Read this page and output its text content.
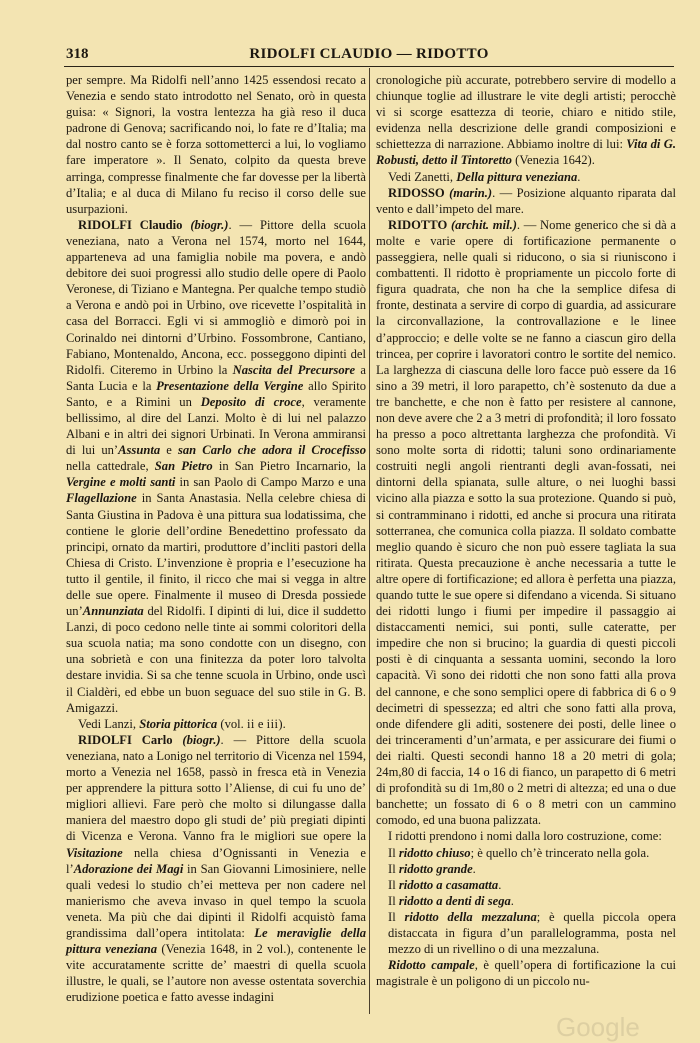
318	RIDOLFI CLAUDIO — RIDOTTO

per sempre. Ma Ridolfi nell’anno 1425 essendosi recato a Venezia e sendo stato introdotto nel Senato, orò in questa guisa: « Signori, la vostra lentezza ha già reso il duca padrone di Genova; sacrificando noi, lo fate re d’Italia; ma dal nostro canto se è forza sottometterci a lui, lo vogliamo fare imperatore ». Il Senato, colpito da questa breve arringa, compresse finalmente che far dovesse per la libertà d’Italia; e al duca di Milano fu reciso il corso delle sue usurpazioni.

RIDOLFI Claudio (biogr.). — Pittore della scuola veneziana, nato a Verona nel 1574, morto nel 1644, apparteneva ad una famiglia nobile ma povera, e andò debitore dei suoi progressi allo studio delle opere di Paolo Veronese, di Tiziano e Mantegna. Per qualche tempo studiò a Verona e andò poi in Urbino, ove ricevette l’ospitalità in casa del Borracci. Egli vi si ammogliò e dimorò poi in Corinaldo nei dintorni d’Urbino. Fossombrone, Cantiano, Fabiano, Montenaldo, Ancona, ecc. posseggono dipinti del Ridolfi. Citeremo in Urbino la Nascita del Precursore a Santa Lucia e la Presentazione della Vergine allo Spirito Santo, e a Rimini un Deposito di croce, veramente bellissimo, al dire del Lanzi. Molto è di lui nel palazzo Albani e in altri dei signori Urbinati. In Verona ammiransi di lui un’Assunta e san Carlo che adora il Crocefisso nella cattedrale, San Pietro in San Pietro Incarnario, la Vergine e molti santi in san Paolo di Campo Marzo e una Flagellazione in Santa Anastasia. Nella celebre chiesa di Santa Giustina in Padova è una pittura sua lodatissima, che contiene le glorie dell’ordine Benedettino professato da principi, ornato da martiri, produttore d’incliti pastori della Chiesa di Cristo. L’invenzione è propria e l’esecuzione ha tutto il gentile, il finito, il ricco che mai si vegga in altre delle sue opere. Finalmente il museo di Dresda possiede un’Annunziata del Ridolfi. I dipinti di lui, dice il suddetto Lanzi, di poco cedono nelle tinte ai sommi coloritori della sua scuola natia; ma sono condotte con un disegno, con una sobrietà e con una finitezza da poter loro talvolta destare invidia. Si sa che tenne scuola in Urbino, onde uscì il Cialdèri, ed ebbe un buon seguace del suo stile in G. B. Amigazzi.

Vedi Lanzi, Storia pittorica (vol. ii e iii).

RIDOLFI Carlo (biogr.). — Pittore della scuola veneziana, nato a Lonigo nel territorio di Vicenza nel 1594, morto a Venezia nel 1658, passò in fresca età in Venezia per apprendere la pittura sotto l’Aliense, di cui fu uno de’ migliori allievi. Fare però che molto si dilungasse dalla maniera del maestro dopo gli studi de’ più pregiati dipinti di Vicenza e Verona. Vanno fra le migliori sue opere la Visitazione nella chiesa d’Ognissanti in Venezia e l’Adorazione dei Magi in San Giovanni Limosiniere, nelle quali vedesi lo studio ch’ei metteva per non cadere nel manierismo che aveva invaso in quel tempo la scuola veneta. Ma più che dai dipinti il Ridolfi acquistò fama grandissima dall’opera intitolata: Le meraviglie della pittura veneziana (Venezia 1648, in 2 vol.), contenente le vite accuratamente scritte de’ maestri di quella scuola illustre, le quali, se l’autore non avesse ostentata soverchia erudizione poetica e fatto avesse indagini

cronologiche più accurate, potrebbero servire di modello a chiunque toglie ad illustrare le vite degli artisti; perocchè vi si scorge esattezza di teorie, chiaro e nitido stile, evidenza nella descrizione delle grandi composizioni e schiettezza di narrazione. Abbiamo inoltre di lui: Vita di G. Robusti, detto il Tintoretto (Venezia 1642).

Vedi Zanetti, Della pittura veneziana.

RIDOSSO (marin.). — Posizione alquanto riparata dal vento e dall’impeto del mare.

RIDOTTO (archit. mil.). — Nome generico che si dà a molte e varie opere di fortificazione permanente o passeggiera, nelle quali si riducono, o sia si riuniscono i combattenti. Il ridotto è propriamente un piccolo forte di figura quadrata, che non ha che la semplice difesa di fronte, destinata a servire di corpo di guardia, ad assicurare la circonvallazione, la controvallazione e le linee d’approccio; e delle volte se ne fanno a ciascun giro della trincea, per coprire i lavoratori contro le sortite del nemico. La larghezza di ciascuna delle loro facce può essere da 16 sino a 39 metri, il loro parapetto, ch’è sostenuto da due a tre banchette, e che non è fatto per resistere al cannone, non deve avere che 2 a 3 metri di profondità; il loro fossato ha presso a poco altrettanta larghezza che profondità. Vi sono molte sorta di ridotti; taluni sono ordinariamente costruiti negli angoli rientranti degli avan-fossati, nei dintorni della spianata, sulle alture, o nei luoghi bassi vicino alla piazza e sotto la sua protezione. Quando si può, si contramminano i ridotti, ed anche si procura una ritirata sotterranea, che comunica colla piazza. Il soldato combatte meglio quando è sicuro che non può essere tagliata la sua ritirata. Questa precauzione è anche necessaria a tutte le altre opere di fortificazione; ed allora è perfetta una piazza, quando tutte le sue opere si difendano a vicenda. Si situano dei ridotti lungo i fiumi per impedire il passaggio ai distaccamenti nemici, sui ponti, sulle cateratte, per impedire che non si brucino; la guardia di questi piccoli posti è di cinquanta a sessanta uomini, secondo la loro capacità. Vi sono dei ridotti che non sono fatti alla prova del cannone, e che sono semplici opere di fabbrica di 6 o 9 decimetri di spessezza; ed altri che sono fatti alla prova, onde difendere gli aditi, sostenere dei posti, delle linee o dei trinceramenti d’un’armata, e per assicurare dei fiumi o dei rialti. Questi secondi hanno 18 a 20 metri di gola; 24m,80 di faccia, 14 o 16 di fianco, un parapetto di 6 metri di profondità su di 1m,80 o 2 metri di altezza; ed una o due banchette; un fossato di 6 o 8 metri con un cammino comodo, ed una buona palizzata.

I ridotti prendono i nomi dalla loro costruzione, come:

Il ridotto chiuso; è quello ch’è trincerato nella gola.

Il ridotto grande.

Il ridotto a casamatta.

Il ridotto a denti di sega.

Il ridotto della mezzaluna; è quella piccola opera distaccata in figura d’un parallelogramma, posta nel mezzo di un rivellino o di una mezzaluna.

Ridotto campale, è quell’opera di fortificazione la cui magistrale è un poligono di un piccolo nu-

Google
